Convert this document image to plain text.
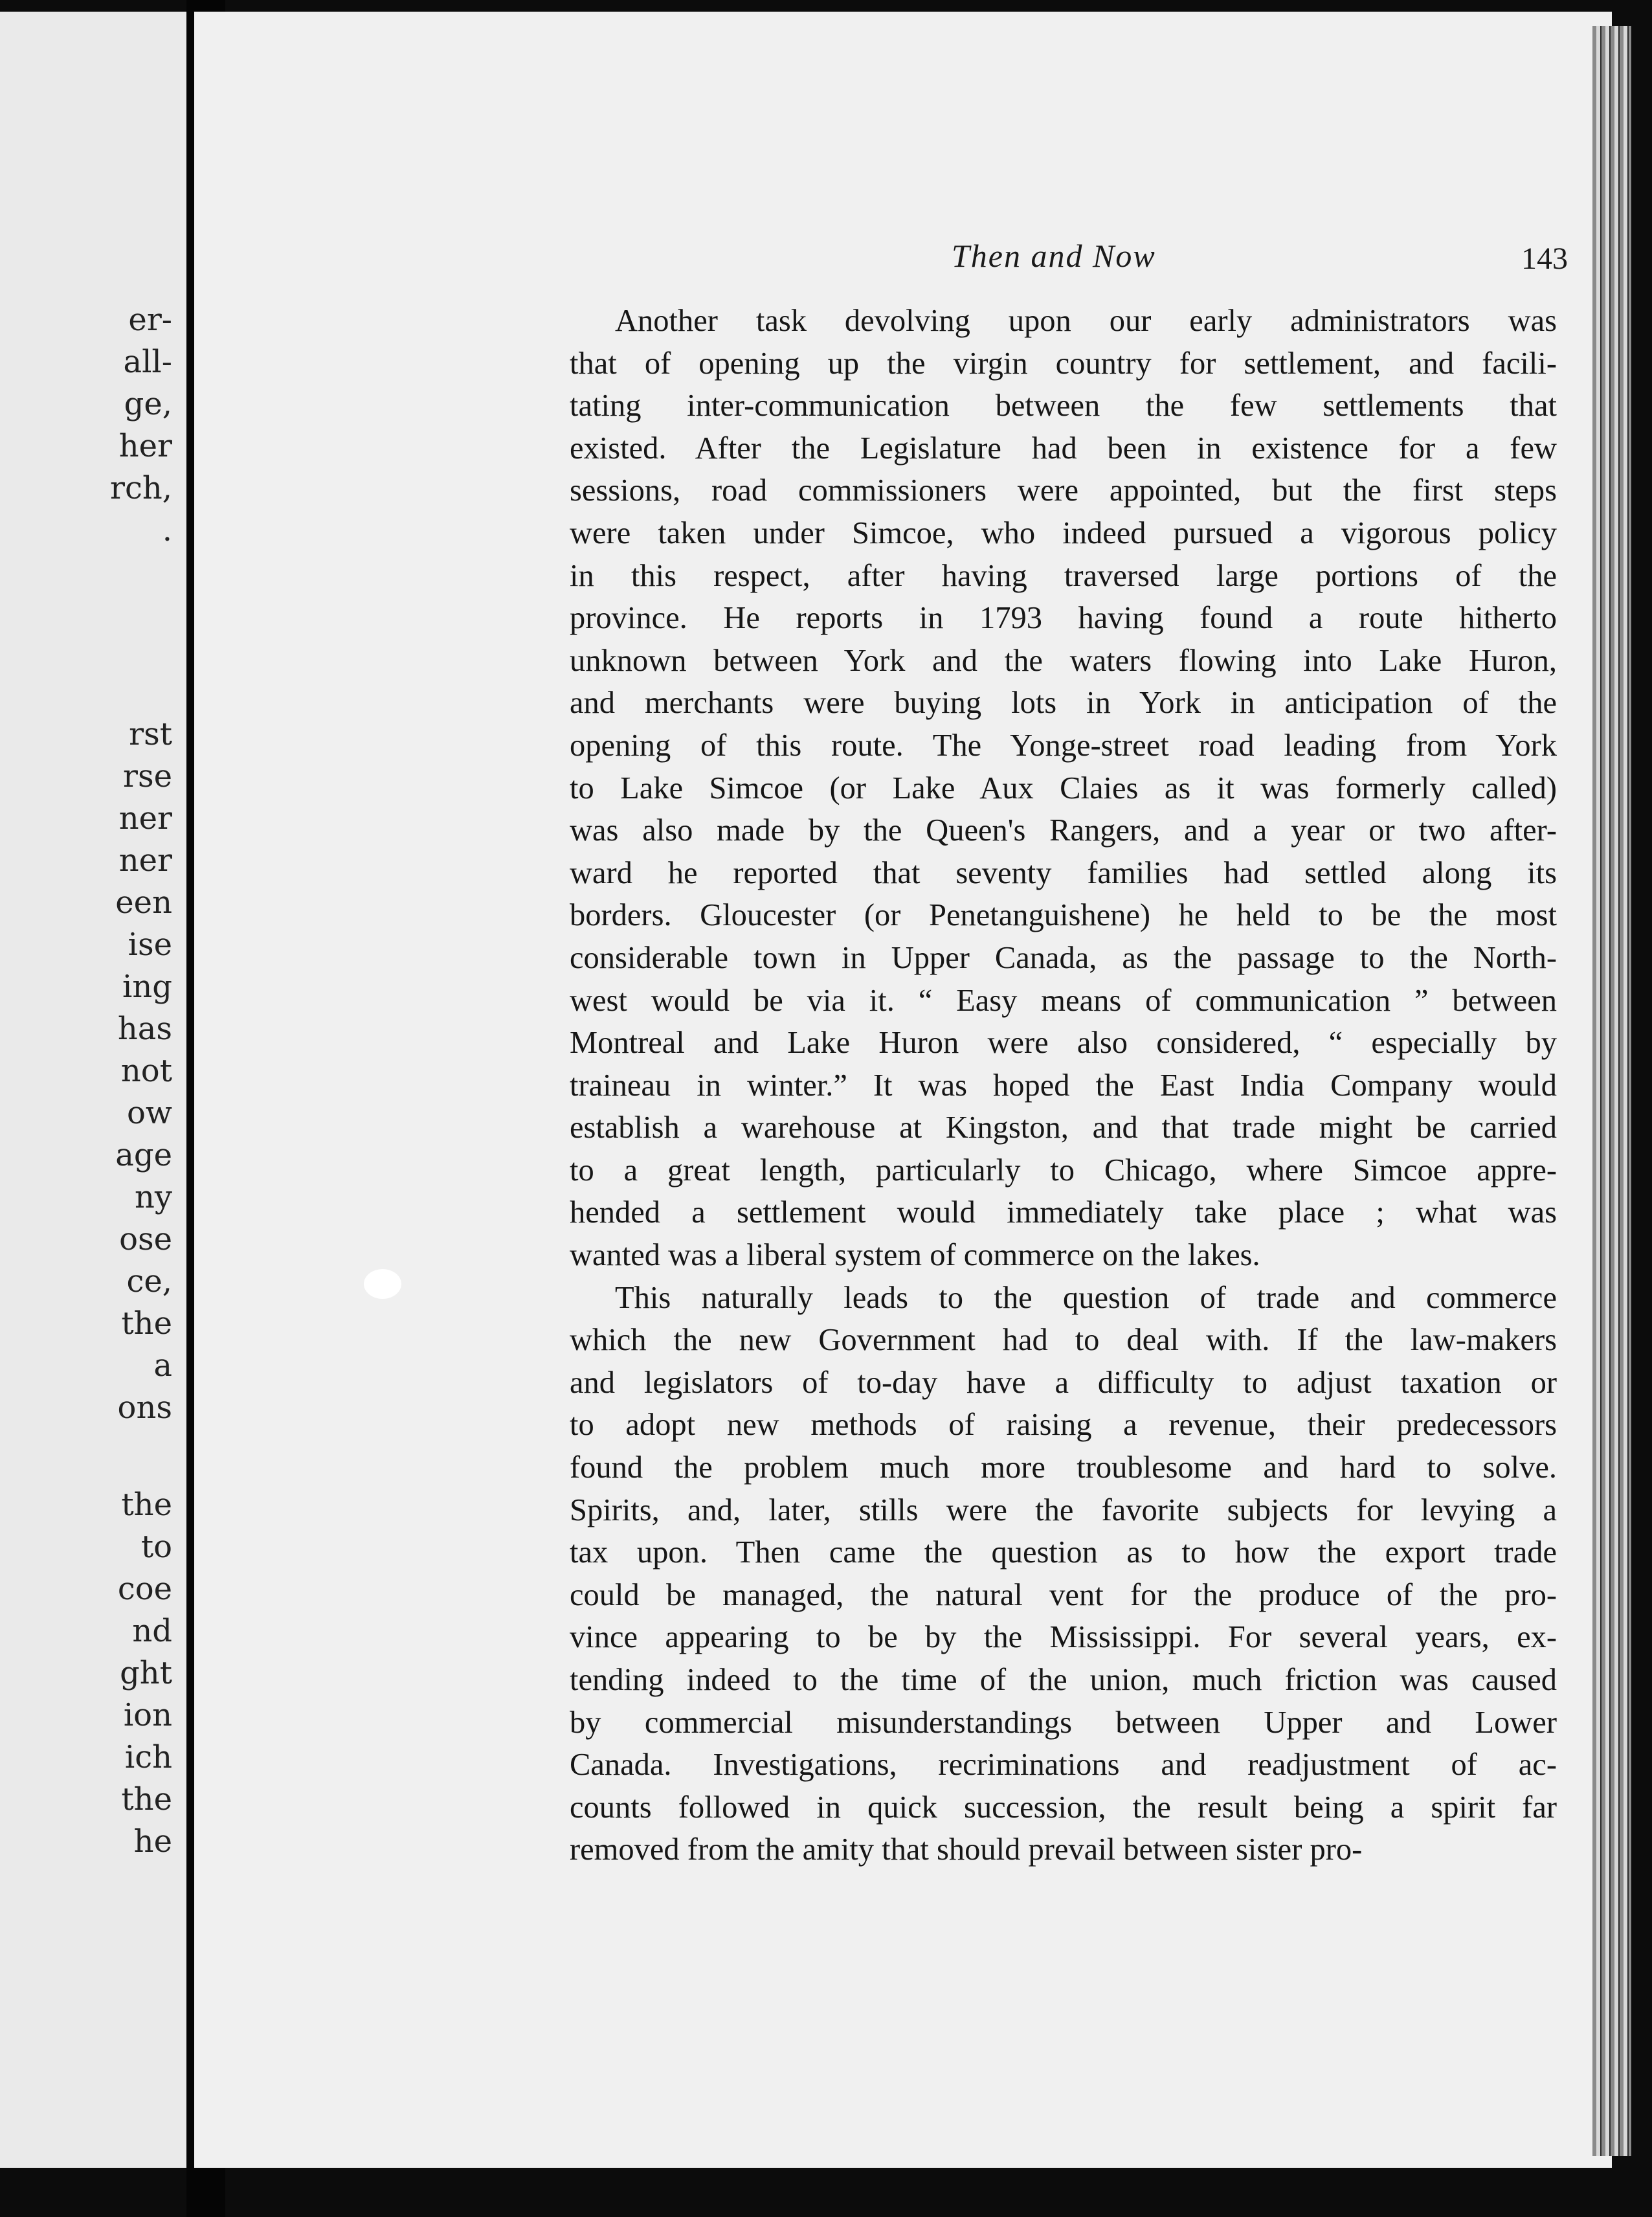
er-
all-
ge,
her
rch,
.
rst
rse
ner
ner
een
ise
ing
has
not
ow
age
ny
ose
ce,
the
a
ons
the
to
coe
nd
ght
ion
ich
the
he
Then and Now	143
Another task devolving upon our early administrators was
that of opening up the virgin country for settlement, and facili-
tating inter-communication between the few settlements that
existed. After the Legislature had been in existence for a few
sessions, road commissioners were appointed, but the first steps
were taken under Simcoe, who indeed pursued a vigorous policy
in this respect, after having traversed large portions of the
province. He reports in 1793 having found a route hitherto
unknown between York and the waters flowing into Lake Huron,
and merchants were buying lots in York in anticipation of the
opening of this route. The Yonge-street road leading from York
to Lake Simcoe (or Lake Aux Claies as it was formerly called)
was also made by the Queen's Rangers, and a year or two after-
ward he reported that seventy families had settled along its
borders. Gloucester (or Penetanguishene) he held to be the most
considerable town in Upper Canada, as the passage to the North-
west would be via it. “ Easy means of communication ” between
Montreal and Lake Huron were also considered, “ especially by
traineau in winter.” It was hoped the East India Company would
establish a warehouse at Kingston, and that trade might be carried
to a great length, particularly to Chicago, where Simcoe appre-
hended a settlement would immediately take place ; what was
wanted was a liberal system of commerce on the lakes.
This naturally leads to the question of trade and commerce
which the new Government had to deal with. If the law-makers
and legislators of to-day have a difficulty to adjust taxation or
to adopt new methods of raising a revenue, their predecessors
found the problem much more troublesome and hard to solve.
Spirits, and, later, stills were the favorite subjects for levying a
tax upon. Then came the question as to how the export trade
could be managed, the natural vent for the produce of the pro-
vince appearing to be by the Mississippi. For several years, ex-
tending indeed to the time of the union, much friction was caused
by commercial misunderstandings between Upper and Lower
Canada. Investigations, recriminations and readjustment of ac-
counts followed in quick succession, the result being a spirit far
removed from the amity that should prevail between sister pro-
